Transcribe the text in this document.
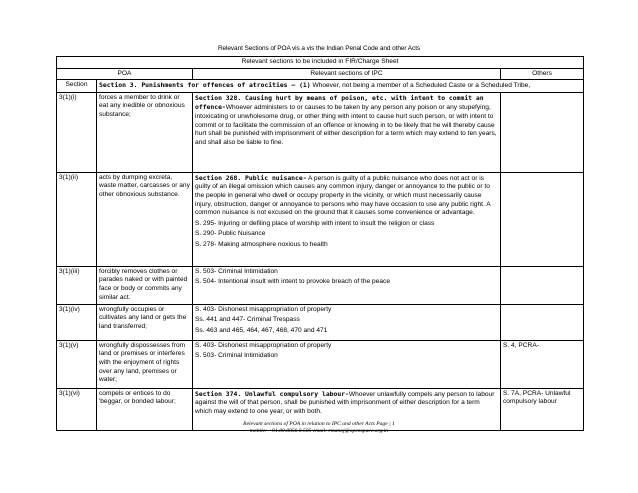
Relevant Sections of POA vis a vis the Indian Penal Code and other Acts
Relevant sections to be included in FIR/Charge Sheet			
POA		Relevant sections of IPC	Others
Section	Section 3. Punishments for offences of atrocities – (1) Whoever, not being a member of a Scheduled Caste or a Scheduled Tribe,		
3(1)(i)	forces a member to drink or eat any inedible or obnoxious substance;	Section 328. Causing hurt by means of poison, etc. with intent to commit an offence-Whoever administers to or causes to be taken by any person any poison or any stupefying, intoxicating or unwholesome drug, or other thing with intent to cause hurt such person, or with intent to commit or to facilitate the commission of an offence or knowing in to be likely that he will thereby cause hurt shall be punished with imprisonment of either description for a term which may extend to ten years, and shall also be liable to fine.	
3(1)(ii)	acts by dumping excreta, waste matter, carcasses or any other obnoxious substance.	Section 268. Public nuisance- A person is guilty of a public nuisance who does not act or is guilty of an illegal omission which causes any common injury, danger or annoyance to the public or to the people in general who dwell or occupy property in the vicinity, or which must necessarily cause injury, obstruction, danger or annoyance to persons who may have occasion to use any public right. A common nuisance is not excused on the ground that it causes some convenience or advantage.

S. 295- Injuring or defiling place of worship with intent to insult the religion or class

S. 290- Public Nuisance

S. 278- Making atmosphere noxious to health	

3(1)(iii)	forcibly removes clothes or parades naked or with painted face or body or commits any similar act.	S. 503- Criminal Intimidation

S. 504- Intentional insult with intent to provoke breach of the peace	

3(1)(iv)	wrongfully occupies or cultivates any land or gets the land transferred;	S. 403- Dishonest misappropriation of property

Ss. 441 and 447- Criminal Trespass

Ss. 463 and 465, 464, 467, 468, 470 and 471	

3(1)(v)	wrongfully dispossesses from land or premises or interferes with the enjoyment of rights over any land, premises or water;	S. 403- Dishonest misappropriation of property

S. 503- Criminal Intimidation	S. 4, PCRA-
3(1)(vi)	compels or entices to do 'beggar, or bonded labour;	Section 374. Unlawful compulsory labour-Whoever unlawfully compels any person to labour against the will of that person, shall be punished with imprisonment of either description for a term which may extend to one year, or with both.	S. 7A, PCRA- Unlawful compulsory labour
Relevant sections of POA in relation to IPC and other Acts Page | 1
mobile: +91.80.8856.6.505 email: rmanoj@openspace.org.in
